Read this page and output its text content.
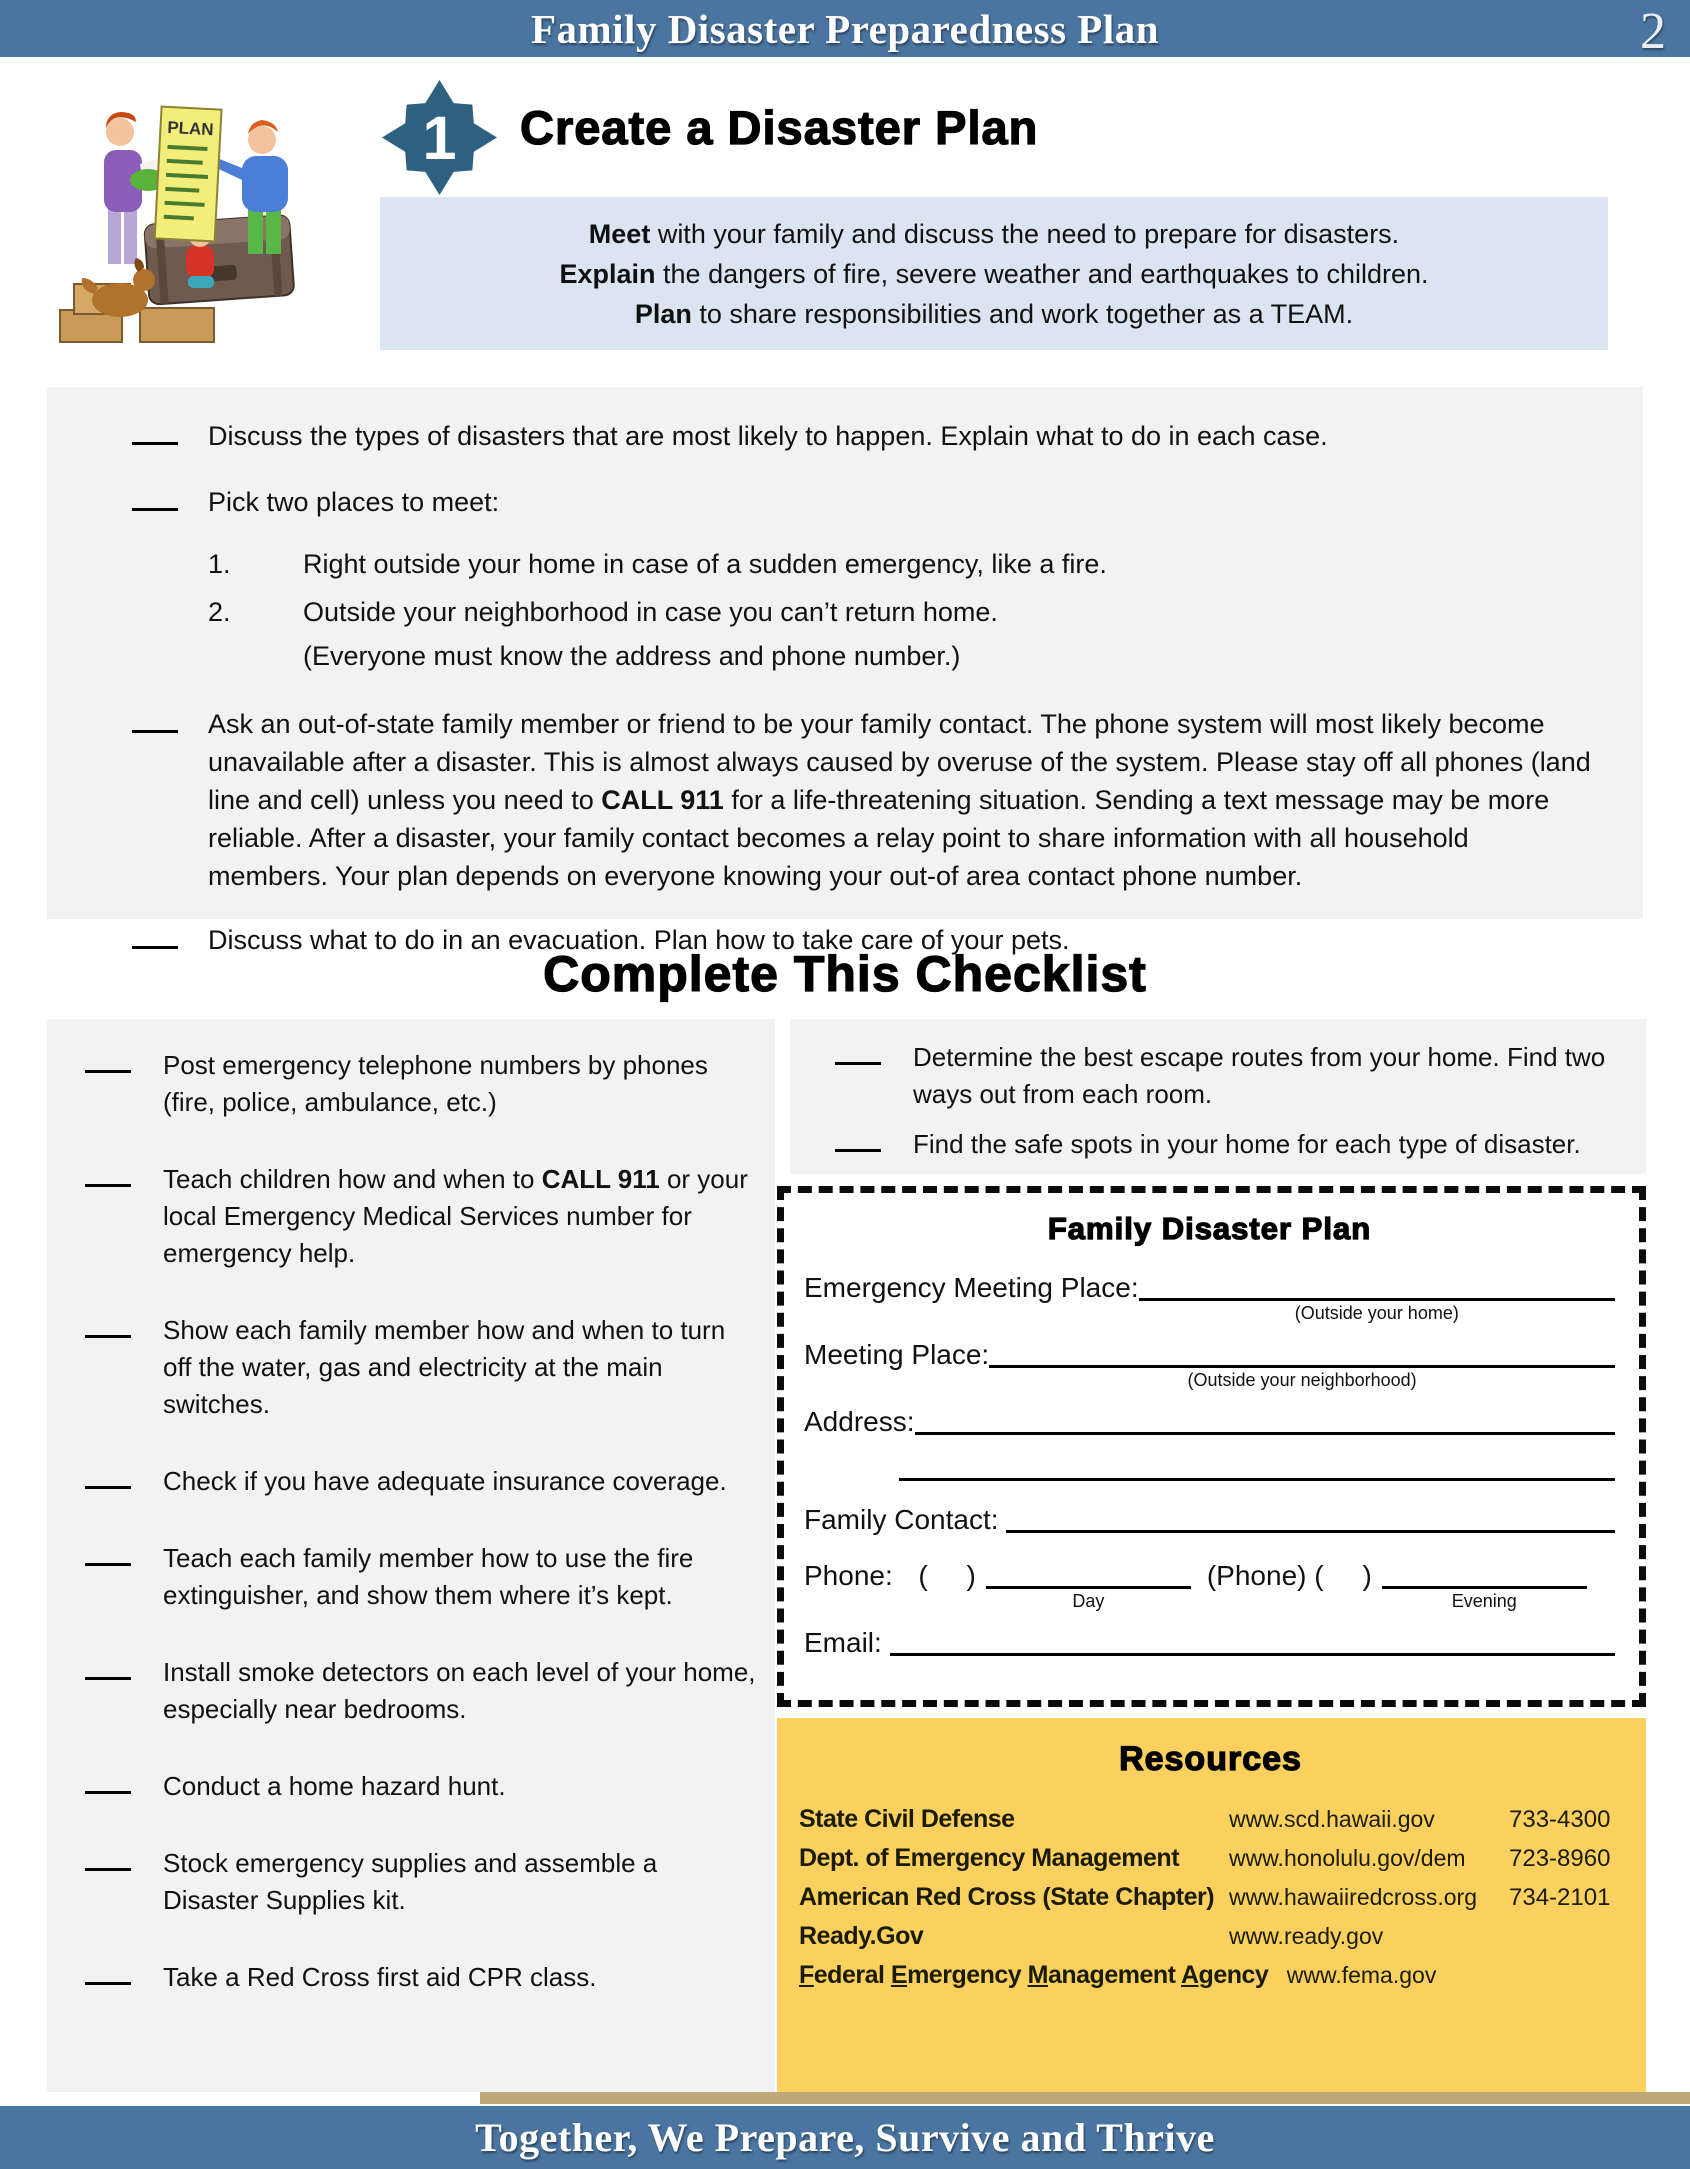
Family Disaster Preparedness Plan
PLAN	1 Create a Disaster Plan

Meet with your family and discuss the need to prepare for disasters.

Explain the dangers of fire, severe weather and earthquakes to children.

Plan to share responsibilities and work together as a TEAM.

Discuss the types of disasters that are most likely to happen. Explain what to do in each case.

Pick two places to meet:

1.	Right outside your home in case of a sudden emergency, like a fire.

2.	Outside your neighborhood in case you can’t return home.

(Everyone must know the address and phone number.)

Ask an out-of-state family member or friend to be your family contact. The phone system will most likely become unavailable after a disaster. This is almost always caused by overuse of the system. Please stay off all phones (land line and cell) unless you need to CALL 911 for a life-threatening situation. Sending a text message may be more reliable. After a disaster, your family contact becomes a relay point to share information with all household members. Your plan depends on everyone knowing your out-of area contact phone number.

Discuss what to do in an evacuation. Plan how to take care of your pets.

Complete This Checklist

Post emergency telephone numbers by phones (fire, police, ambulance, etc.)

Teach children how and when to CALL 911 or your local Emergency Medical Services number for emergency help.

Show each family member how and when to turn off the water, gas and electricity at the main switches.

Check if you have adequate insurance coverage.

Teach each family member how to use the fire extinguisher, and show them where it’s kept.

Install smoke detectors on each level of your home, especially near bedrooms.

Conduct a home hazard hunt.

Stock emergency supplies and assemble a Disaster Supplies kit.

Take a Red Cross first aid CPR class.

Determine the best escape routes from your home. Find two ways out from each room.

Find the safe spots in your home for each type of disaster.

Family Disaster Plan
Emergency Meeting Place:
(Outside your home)
Meeting Place:
(Outside your neighborhood)
Address:
Family Contact:
Phone: (     )
Day
(Phone) (     )
Evening
Email:
Resources
State Civil Defense	www.scd.hawaii.gov	733-4300
Dept. of Emergency Management	www.honolulu.gov/dem	723-8960
American Red Cross (State Chapter) www.hawaiiredcross.org	734-2101
Ready.Gov	www.ready.gov
Federal Emergency Management Agency www.fema.gov

Together, We Prepare, Survive and Thrive

2
